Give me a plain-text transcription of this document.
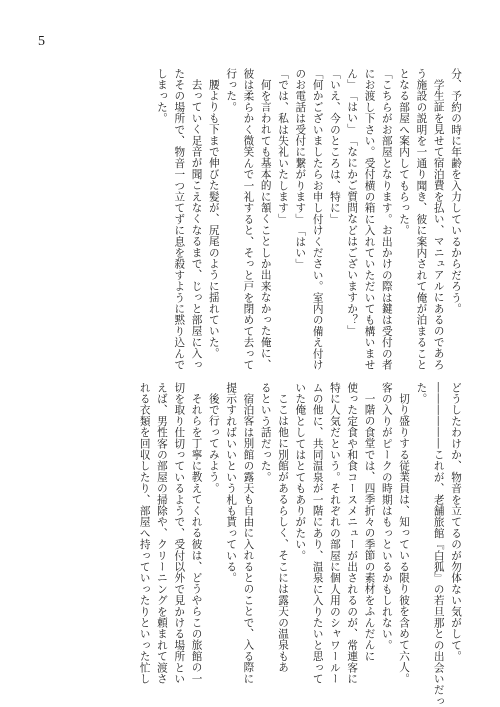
5
分、予約の時に年齢を入力しているからだろう。
学生証を見せて宿泊費を払い、マニュアルにあるのであろ
う施設の説明を一通り聞き、彼に案内されて俺が泊まること
となる部屋へ案内してもらった。
「こちらがお部屋となります。お出かけの際は鍵は受付の者
にお渡し下さい。受付横の箱に入れていただいても構いませ
ん」
「はい」
「なにかご質問などはございますか？」
「いえ、今のところは、特に」
「何かございましたらお申し付けください。室内の備え付け
のお電話は受付に繋がります」
「はい」
「では、私は失礼いたします」
何を言われても基本的に頷くことしか出来なかった俺に、
彼は柔らかく微笑んで一礼すると、そっと戸を閉めて去って
行った。
腰よりも下まで伸びた髪が、尻尾のように揺れていた。
去っていく足音が聞こえなくなるまで、じっと部屋に入っ
たその場所で、物音一つ立てずに息を殺すように黙り込んで
しまった。
どうしたわけか、物音を立てるのが勿体ない気がして。
――――――これが、老舗旅館『白狐』の若旦那との出会いだっ
た。
切り盛りする従業員は、知っている限り彼を含めて六人。
客の入りがピークの時期はもっといるかもしれない。
一階の食堂では、四季折々の季節の素材をふんだんに
使った定食や和食コースメニューが出されるのが、常連客に
特に人気だという。それぞれの部屋に個人用のシャワールー
ムの他に、共同温泉が一階にあり、温泉に入りたいと思って
いた俺としてはとてもありがたい。
ここは他に別館があるらしく、そこには露天の温泉もあ
るという話だった。
宿泊客は別館の露天も自由に入れるとのことで、入る際に
提示すればいいという札も貰っている。
後で行ってみよう。
それらを丁寧に教えてくれる彼は、どうやらこの旅館の一
切を取り仕切っているようで、受付以外で見かける場所とい
えば、男性客の部屋の掃除や、クリーニングを頼まれて渡さ
れる衣類を回収したり、部屋へ持っていったりといった忙し
